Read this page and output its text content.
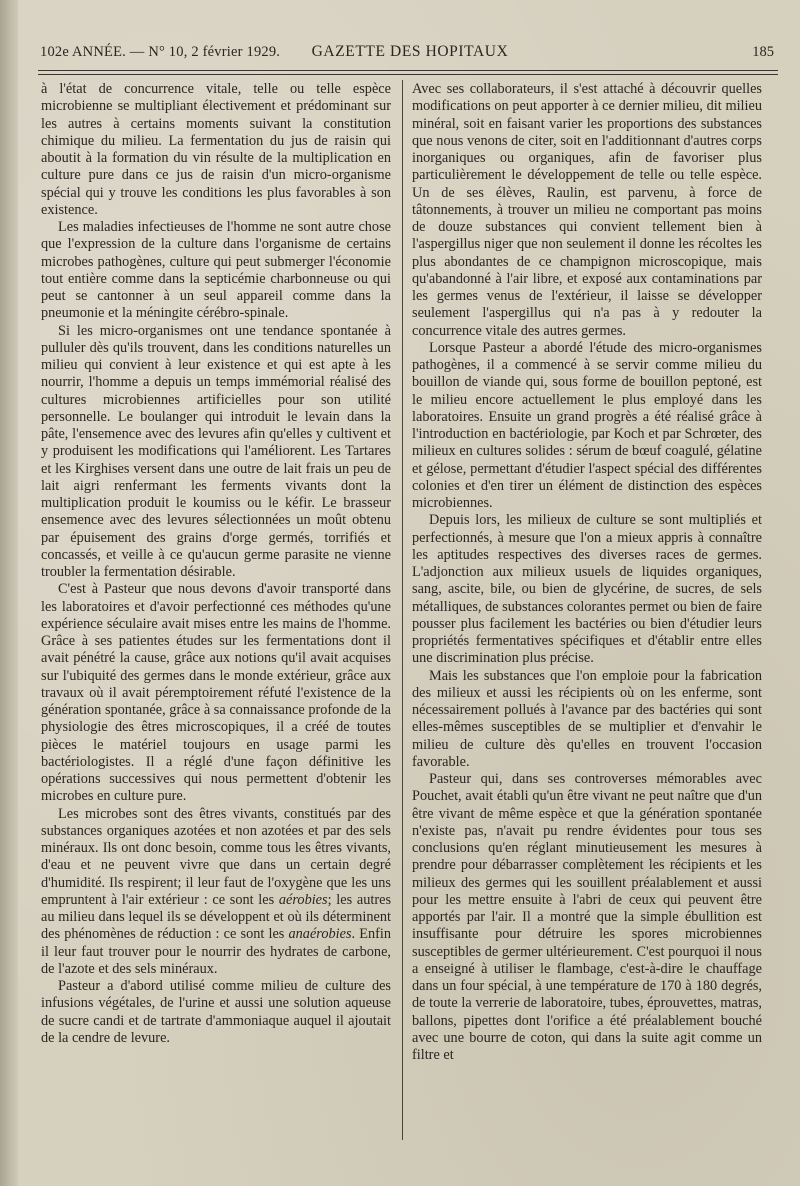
102e ANNÉE. — N° 10, 2 février 1929.	GAZETTE DES HOPITAUX	185

à l'état de concurrence vitale, telle ou telle espèce microbienne se multipliant électivement et prédominant sur les autres à certains moments suivant la constitution chimique du milieu. La fermentation du jus de raisin qui aboutit à la formation du vin résulte de la multiplication en culture pure dans ce jus de raisin d'un micro-organisme spécial qui y trouve les conditions les plus favorables à son existence.

Les maladies infectieuses de l'homme ne sont autre chose que l'expression de la culture dans l'organisme de certains microbes pathogènes, culture qui peut submerger l'économie tout entière comme dans la septicémie charbonneuse ou qui peut se cantonner à un seul appareil comme dans la pneumonie et la méningite cérébro-spinale.

Si les micro-organismes ont une tendance spontanée à pulluler dès qu'ils trouvent, dans les conditions naturelles un milieu qui convient à leur existence et qui est apte à les nourrir, l'homme a depuis un temps immémorial réalisé des cultures microbiennes artificielles pour son utilité personnelle. Le boulanger qui introduit le levain dans la pâte, l'ensemence avec des levures afin qu'elles y cultivent et y produisent les modifications qui l'améliorent. Les Tartares et les Kirghises versent dans une outre de lait frais un peu de lait aigri renfermant les ferments vivants dont la multiplication produit le koumiss ou le kéfir. Le brasseur ensemence avec des levures sélectionnées un moût obtenu par épuisement des grains d'orge germés, torrifiés et concassés, et veille à ce qu'aucun germe parasite ne vienne troubler la fermentation désirable.

C'est à Pasteur que nous devons d'avoir transporté dans les laboratoires et d'avoir perfectionné ces méthodes qu'une expérience séculaire avait mises entre les mains de l'homme. Grâce à ses patientes études sur les fermentations dont il avait pénétré la cause, grâce aux notions qu'il avait acquises sur l'ubiquité des germes dans le monde extérieur, grâce aux travaux où il avait péremptoirement réfuté l'existence de la génération spontanée, grâce à sa connaissance profonde de la physiologie des êtres microscopiques, il a créé de toutes pièces le matériel toujours en usage parmi les bactériologistes. Il a réglé d'une façon définitive les opérations successives qui nous permettent d'obtenir les microbes en culture pure.

Les microbes sont des êtres vivants, constitués par des substances organiques azotées et non azotées et par des sels minéraux. Ils ont donc besoin, comme tous les êtres vivants, d'eau et ne peuvent vivre que dans un certain degré d'humidité. Ils respirent; il leur faut de l'oxygène que les uns empruntent à l'air extérieur : ce sont les aérobies; les autres au milieu dans lequel ils se développent et où ils déterminent des phénomènes de réduction : ce sont les anaérobies. Enfin il leur faut trouver pour le nourrir des hydrates de carbone, de l'azote et des sels minéraux.

Pasteur a d'abord utilisé comme milieu de culture des infusions végétales, de l'urine et aussi une solution aqueuse de sucre candi et de tartrate d'ammoniaque auquel il ajoutait de la cendre de levure.

Avec ses collaborateurs, il s'est attaché à découvrir quelles modifications on peut apporter à ce dernier milieu, dit milieu minéral, soit en faisant varier les proportions des substances que nous venons de citer, soit en l'additionnant d'autres corps inorganiques ou organiques, afin de favoriser plus particulièrement le développement de telle ou telle espèce. Un de ses élèves, Raulin, est parvenu, à force de tâtonnements, à trouver un milieu ne comportant pas moins de douze substances qui convient tellement bien à l'aspergillus niger que non seulement il donne les récoltes les plus abondantes de ce champignon microscopique, mais qu'abandonné à l'air libre, et exposé aux contaminations par les germes venus de l'extérieur, il laisse se développer seulement l'aspergillus qui n'a pas à y redouter la concurrence vitale des autres germes.

Lorsque Pasteur a abordé l'étude des micro-organismes pathogènes, il a commencé à se servir comme milieu du bouillon de viande qui, sous forme de bouillon peptoné, est le milieu encore actuellement le plus employé dans les laboratoires. Ensuite un grand progrès a été réalisé grâce à l'introduction en bactériologie, par Koch et par Schrœter, des milieux en cultures solides : sérum de bœuf coagulé, gélatine et gélose, permettant d'étudier l'aspect spécial des différentes colonies et d'en tirer un élément de distinction des espèces microbiennes.

Depuis lors, les milieux de culture se sont multipliés et perfectionnés, à mesure que l'on a mieux appris à connaître les aptitudes respectives des diverses races de germes. L'adjonction aux milieux usuels de liquides organiques, sang, ascite, bile, ou bien de glycérine, de sucres, de sels métalliques, de substances colorantes permet ou bien de faire pousser plus facilement les bactéries ou bien d'étudier leurs propriétés fermentatives spécifiques et d'établir entre elles une discrimination plus précise.

Mais les substances que l'on emploie pour la fabrication des milieux et aussi les récipients où on les enferme, sont nécessairement pollués à l'avance par des bactéries qui sont elles-mêmes susceptibles de se multiplier et d'envahir le milieu de culture dès qu'elles en trouvent l'occasion favorable.

Pasteur qui, dans ses controverses mémorables avec Pouchet, avait établi qu'un être vivant ne peut naître que d'un être vivant de même espèce et que la génération spontanée n'existe pas, n'avait pu rendre évidentes pour tous ses conclusions qu'en réglant minutieusement les mesures à prendre pour débarrasser complètement les récipients et les milieux des germes qui les souillent préalablement et aussi pour les mettre ensuite à l'abri de ceux qui peuvent être apportés par l'air. Il a montré que la simple ébullition est insuffisante pour détruire les spores microbiennes susceptibles de germer ultérieurement. C'est pourquoi il nous a enseigné à utiliser le flambage, c'est-à-dire le chauffage dans un four spécial, à une température de 170 à 180 degrés, de toute la verrerie de laboratoire, tubes, éprouvettes, matras, ballons, pipettes dont l'orifice a été préalablement bouché avec une bourre de coton, qui dans la suite agit comme un filtre et
